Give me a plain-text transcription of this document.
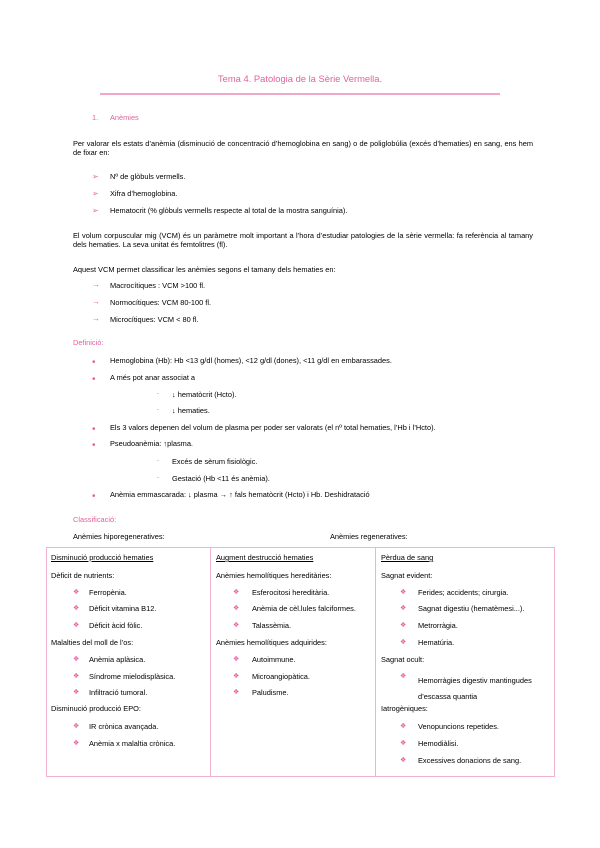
Tema 4. Patologia de la Sèrie Vermella.
1. Anèmies
Per valorar els estats d’anèmia (disminució de concentració d’hemoglobina en sang) o de poliglobúlia (excés d’hematies) en sang, ens hem de fixar en:
➢ Nº de glòbuls vermells.
➢ Xifra d’hemoglobina.
➢ Hematocrit (% glòbuls vermells respecte al total de la mostra sanguínia).
El volum corpuscular mig (VCM) és un paràmetre molt important a l’hora d’estudiar patologies de la sèrie vermella: fa referència al tamany dels hematies. La seva unitat és femtolitres (fl).
Aquest VCM permet classificar les anèmies segons el tamany dels hematies en:
→ Macrocítiques : VCM >100 fl.
→ Normocítiques: VCM 80-100 fl.
→ Microcítiques: VCM < 80 fl.
Definició:
• Hemoglobina (Hb): Hb <13 g/dl (homes), <12 g/dl (dones), <11 g/dl en embarassades.
• A més pot anar associat a
· ↓ hematòcrit (Hcto).
· ↓ hematies.
• Els 3 valors depenen del volum de plasma per poder ser valorats (el nº total hematies, l’Hb i l’Hcto).
• Pseudoanèmia: ↑plasma.
· Excés de sèrum fisiològic.
· Gestació (Hb <11 és anèmia).
• Anèmia emmascarada: ↓ plasma → ↑ fals hematòcrit (Hcto) i Hb. Deshidratació
Classificació:
Anèmies hiporegeneratives:	Anèmies regeneratives:
Disminució producció hematies
Dèficit de nutrients:
❖ Ferropènia.
❖ Dèficit vitamina B12.
❖ Dèficit àcid fòlic.
Malalties del moll de l’os:
❖ Anèmia aplàsica.
❖ Síndrome mielodisplàsica.
❖ Infiltració tumoral.
Disminució producció EPO:
❖ IR crònica avançada.
❖ Anèmia x malaltia crònica.
Augment destrucció hematies
Anèmies hemolítiques hereditàries:
❖ Esferocitosi hereditària.
❖ Anèmia de cèl.lules falciformes.
❖ Talassèmia.
Anèmies hemolítiques adquirides:
❖ Autoimmune.
❖ Microangiopàtica.
❖ Paludisme.
Pèrdua de sang
Sagnat evident:
❖ Ferides; accidents; cirurgia.
❖ Sagnat digestiu (hematèmesi...).
❖ Metrorràgia.
❖ Hematúria.
Sagnat ocult:
❖ Hemorràgies digestiv mantingudes d’escassa quantia
Iatrogèniques:
❖ Venopuncions repetides.
❖ Hemodiàlisi.
❖ Excessives donacions de sang.
